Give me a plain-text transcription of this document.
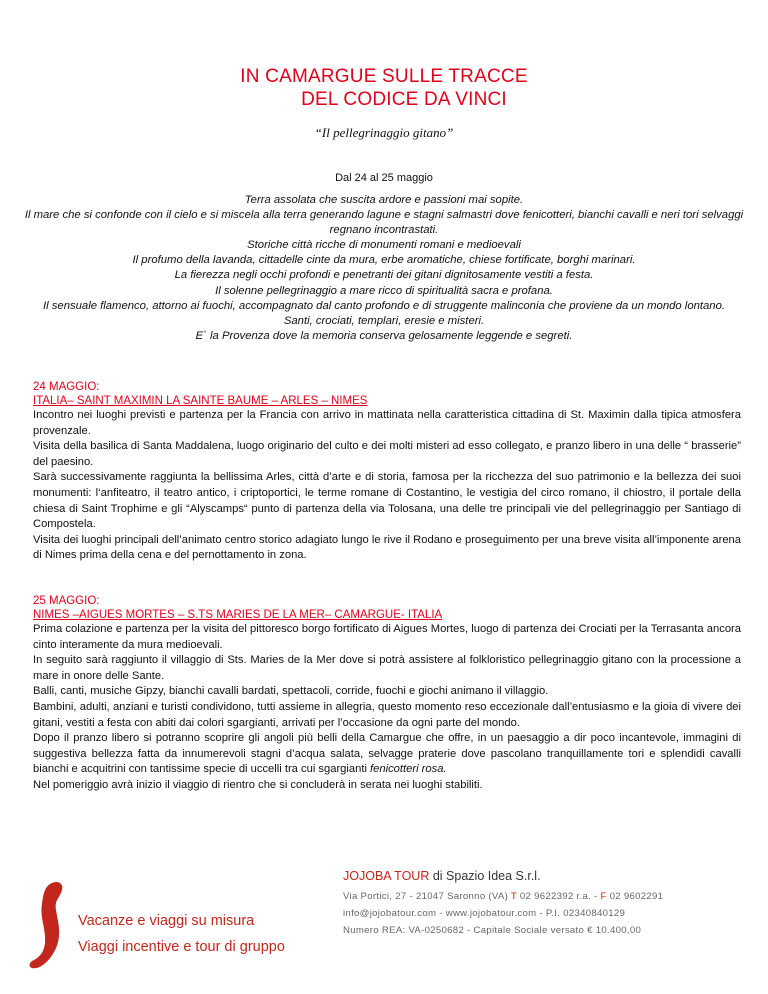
IN CAMARGUE SULLE TRACCE
DEL CODICE DA VINCI
“Il pellegrinaggio gitano”
Dal 24 al 25 maggio
Terra assolata che suscita ardore e passioni mai sopite.
Il mare che si confonde con il cielo e si miscela alla terra generando lagune e stagni salmastri dove fenicotteri, bianchi cavalli e neri tori selvaggi regnano incontrastati.
Storiche città ricche di monumenti romani e medioevali
Il profumo della lavanda, cittadelle cinte da mura, erbe aromatiche, chiese fortificate, borghi marinari.
La fierezza negli occhi profondi e penetranti dei gitani dignitosamente vestiti a festa.
Il solenne pellegrinaggio a mare ricco di spiritualità sacra e profana.
Il sensuale flamenco, attorno ai fuochi, accompagnato dal canto profondo e di struggente malinconia che proviene da un mondo lontano.
Santi, crociati, templari, eresie e misteri.
E` la Provenza dove la memoria conserva gelosamente leggende e segreti.
24 MAGGIO:
ITALIA– SAINT MAXIMIN LA SAINTE BAUME – ARLES – NIMES

Incontro nei luoghi previsti e partenza per la Francia con arrivo in mattinata nella caratteristica cittadina di St. Maximin dalla tipica atmosfera provenzale.

Visita della basilica di Santa Maddalena, luogo originario del culto e dei molti misteri ad esso collegato, e pranzo libero in una delle “ brasserie” del paesino.

Sarà successivamente raggiunta la bellissima Arles, città d’arte e di storia, famosa per la ricchezza del suo patrimonio e la bellezza dei suoi monumenti: l‘anfiteatro, il teatro antico, i criptoportici, le terme romane di Costantino, le vestigia del circo romano, il chiostro, il portale della chiesa di Saint Trophime e gli “Alyscamps“ punto di partenza della via Tolosana, una delle tre principali vie del pellegrinaggio per Santiago di Compostela.

Visita dei luoghi principali dell’animato centro storico adagiato lungo le rive il Rodano e proseguimento per una breve visita all’imponente arena di Nimes prima della cena e del pernottamento in zona.

25 MAGGIO:
NIMES –AIGUES MORTES – S.TS MARIES DE LA MER– CAMARGUE- ITALIA

Prima colazione e partenza per la visita del pittoresco borgo fortificato di Aigues Mortes, luogo di partenza dei Crociati per la Terrasanta ancora cinto interamente da mura medioevali.

In seguito sarà raggiunto il villaggio di Sts. Maries de la Mer dove si potrà assistere al folkloristico pellegrinaggio gitano con la processione a mare in onore delle Sante.

Balli, canti, musiche Gipzy, bianchi cavalli bardati, spettacoli, corride, fuochi e giochi animano il villaggio.

Bambini, adulti, anziani e turisti condividono, tutti assieme in allegria, questo momento reso eccezionale dall’entusiasmo e la gioia di vivere dei gitani, vestiti a festa con abiti dai colori sgargianti, arrivati per l’occasione da ogni parte del mondo.

Dopo il pranzo libero si potranno scoprire gli angoli più belli della Camargue che offre, in un paesaggio a dir poco incantevole, immagini di suggestiva bellezza fatta da innumerevoli stagni d’acqua salata, selvagge praterie dove pascolano tranquillamente tori e splendidi cavalli bianchi e acquitrini con tantissime specie di uccelli tra cui sgargianti fenicotteri rosa.

Nel pomeriggio avrà inizio il viaggio di rientro che si concluderà in serata nei luoghi stabiliti.

JOJOBA TOUR di Spazio Idea S.r.l.
Via Portici, 27 - 21047 Saronno (VA) T 02 9622392 r.a. - F 02 9602291
info@jojobatour.com - www.jojobatour.com - P.I. 02340840129
Numero REA: VA-0250682 - Capitale Sociale versato € 10.400,00
Vacanze e viaggi su misura
Viaggi incentive e tour di gruppo
